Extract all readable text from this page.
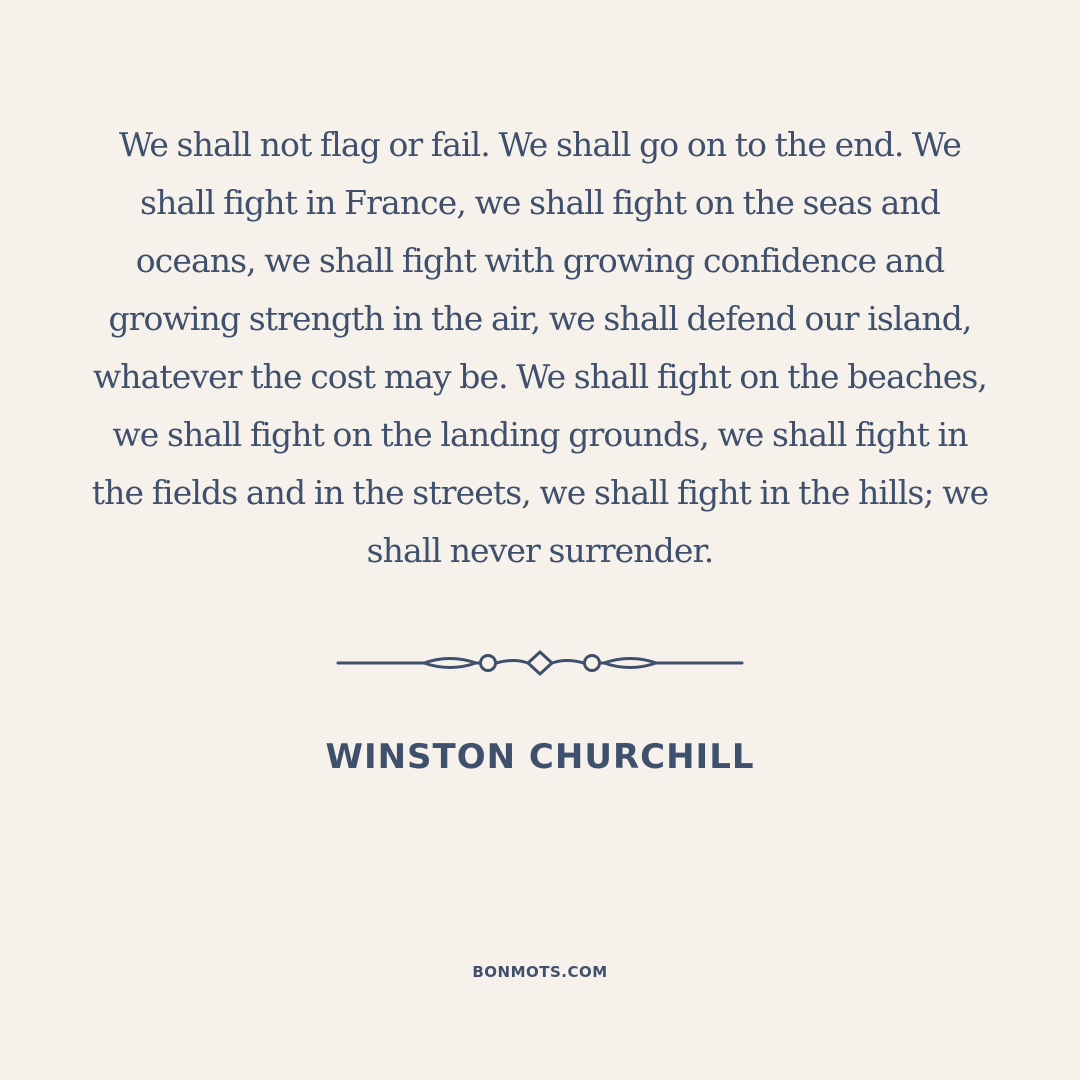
We shall not flag or fail. We shall go on to the end. We shall fight in France, we shall fight on the seas and oceans, we shall fight with growing confidence and growing strength in the air, we shall defend our island, whatever the cost may be. We shall fight on the beaches, we shall fight on the landing grounds, we shall fight in the fields and in the streets, we shall fight in the hills; we shall never surrender.

WINSTON CHURCHILL

BONMOTS.COM
